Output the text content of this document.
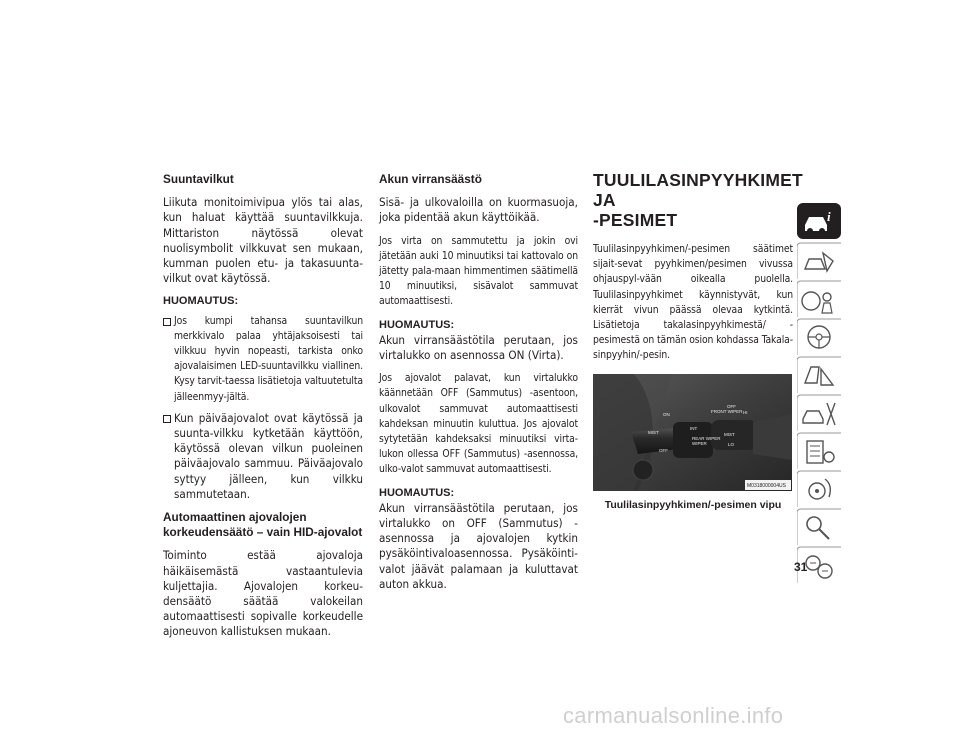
Suuntavilkut
Liikuta monitoimivipua ylös tai alas, kun haluat käyttää suuntavilkkuja. Mittariston näytössä olevat nuolisymbolit vilkkuvat sen mukaan, kumman puolen etu- ja takasuunta-vilkut ovat käytössä.
HUOMAUTUS:
Jos kumpi tahansa suuntavilkun merkkivalo palaa yhtäjaksoisesti tai vilkkuu hyvin nopeasti, tarkista onko ajovalaisimen LED-suuntavilkku viallinen. Kysy tarvit-taessa lisätietoja valtuutetulta jälleenmyy-jältä.
Kun päiväajovalot ovat käytössä ja suunta-vilkku kytketään käyttöön, käytössä olevan vilkun puoleinen päiväajovalo sammuu. Päiväajovalo syttyy jälleen, kun vilkku sammutetaan.
Automaattinen ajovalojen korkeudensäätö – vain HID-ajovalot
Toiminto estää ajovaloja häikäisemästä vastaantulevia kuljettajia. Ajovalojen korkeu-densäätö säätää valokeilan automaattisesti sopivalle korkeudelle ajoneuvon kallistuksen mukaan.
Akun virransäästö
Sisä- ja ulkovaloilla on kuormasuoja, joka pidentää akun käyttöikää.
Jos virta on sammutettu ja jokin ovi jätetään auki 10 minuutiksi tai kattovalo on jätetty pala-maan himmentimen säätimellä 10 minuutiksi, sisävalot sammuvat automaattisesti.
HUOMAUTUS:
Akun virransäästötila perutaan, jos virtalukko on asennossa ON (Virta).
Jos ajovalot palavat, kun virtalukko käännetään OFF (Sammutus) -asentoon, ulkovalot sammuvat automaattisesti kahdeksan minuutin kuluttua. Jos ajovalot sytytetään kahdeksaksi minuutiksi virta-lukon ollessa OFF (Sammutus) -asennossa, ulko-valot sammuvat automaattisesti.
HUOMAUTUS:
Akun virransäästötila perutaan, jos virtalukko on OFF (Sammutus) -asennossa ja ajovalojen kytkin pysäköintivaloasennossa. Pysäköinti-valot jäävät palamaan ja kuluttavat auton akkua.
TUULILASINPYYHKIMET JA
-PESIMET
Tuulilasinpyyhkimen/-pesimen säätimet sijait-sevat pyyhkimen/pesimen vivussa ohjauspyl-vään oikealla puolella. Tuulilasinpyyhkimet käynnistyvät, kun kierrät vivun päässä olevaa kytkintä. Lisätietoja takalasinpyyhkimestä/ -pesimestä on tämän osion kohdassa Takala-sinpyyhin/-pesin.
ON
OFF
MIST
INT
FRONT WIPER
REAR WIPER
WIPER
MIST
OFF
HI
LO
M0318000004US
Tuulilasinpyyhkimen/-pesimen vipu
i
31
carmanualsonline.info
